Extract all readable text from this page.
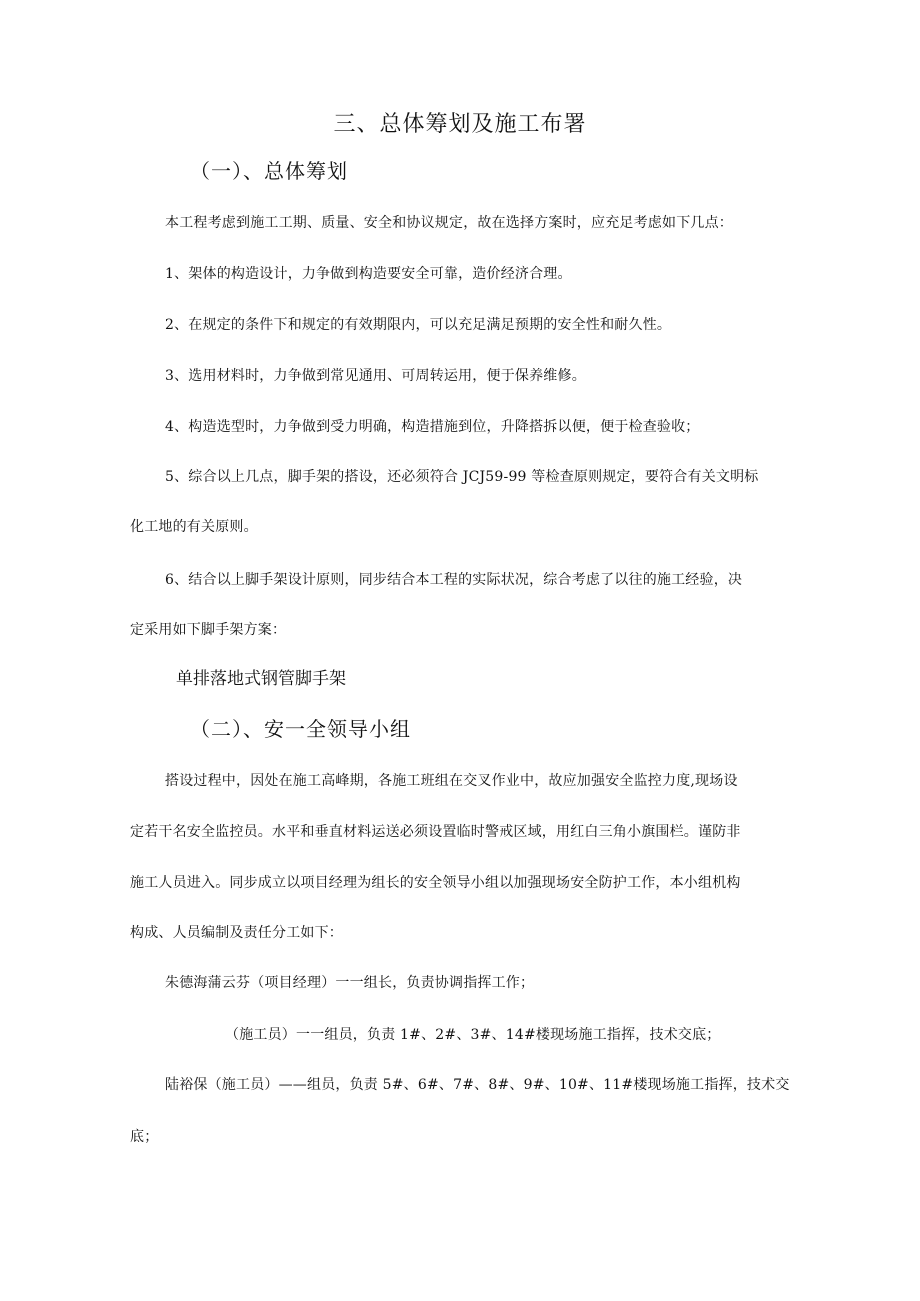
三、总体筹划及施工布署
（一）、总体筹划
本工程考虑到施工工期、质量、安全和协议规定，故在选择方案时，应充足考虑如下几点：
1、架体的构造设计，力争做到构造要安全可靠，造价经济合理。
2、在规定的条件下和规定的有效期限内，可以充足满足预期的安全性和耐久性。
3、选用材料时，力争做到常见通用、可周转运用，便于保养维修。
4、构造选型时，力争做到受力明确，构造措施到位，升降搭拆以便，便于检查验收；
5、综合以上几点，脚手架的搭设，还必须符合 JCJ59-99 等检查原则规定，要符合有关文明标
化工地的有关原则。
6、结合以上脚手架设计原则，同步结合本工程的实际状况，综合考虑了以往的施工经验，决
定采用如下脚手架方案：
单排落地式钢管脚手架
（二）、安一全领导小组
搭设过程中，因处在施工高峰期，各施工班组在交叉作业中，故应加强安全监控力度,现场设
定若干名安全监控员。水平和垂直材料运送必须设置临时警戒区域，用红白三角小旗围栏。谨防非
施工人员进入。同步成立以项目经理为组长的安全领导小组以加强现场安全防护工作，本小组机构
构成、人员编制及责任分工如下：
朱德海蒲云芬（项目经理）一一组长，负责协调指挥工作；
（施工员）一一组员，负责 1#、2#、3#、14#楼现场施工指挥，技术交底；
陆裕保（施工员）——组员，负责 5#、6#、7#、8#、9#、10#、11#楼现场施工指挥，技术交
底；
